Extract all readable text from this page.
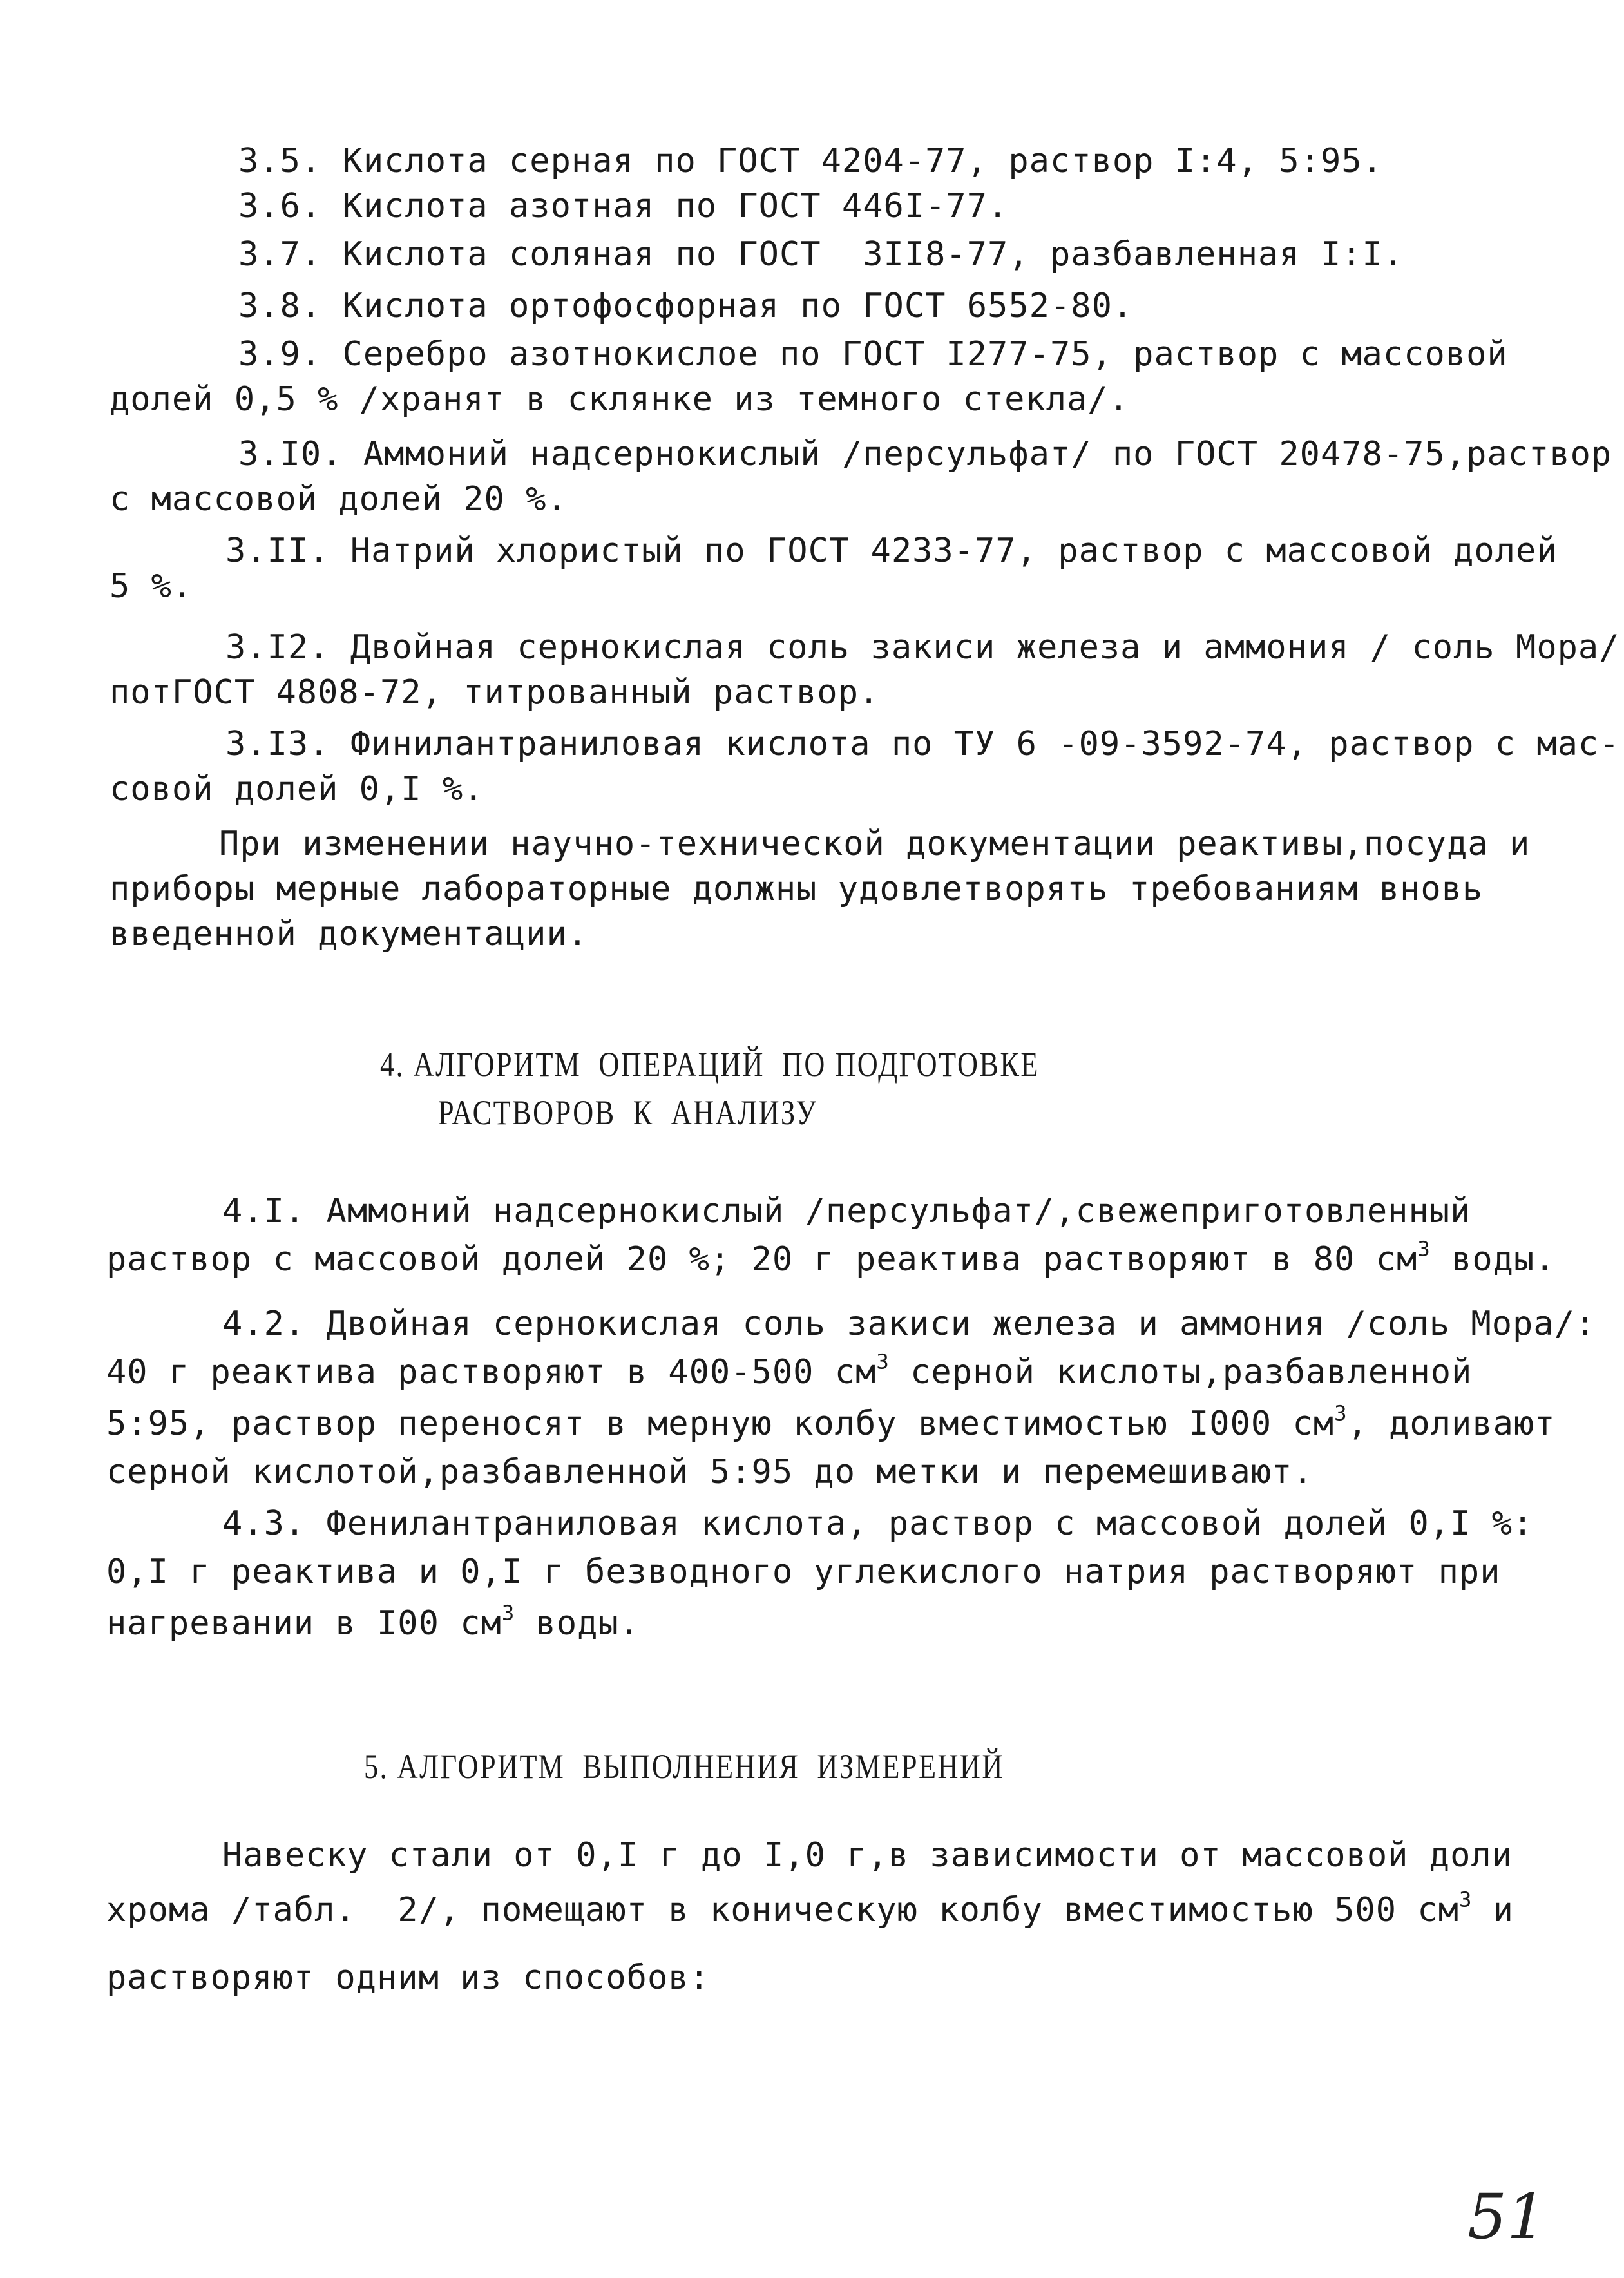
3.5. Кислота серная по ГОСТ 4204-77, раствор I:4, 5:95.
3.6. Кислота азотная по ГОСТ 446I-77.
3.7. Кислота соляная по ГОСТ  3II8-77, разбавленная I:I.
3.8. Кислота ортофосфорная по ГОСТ 6552-80.
3.9. Серебро азотнокислое по ГОСТ I277-75, раствор с массовой
долей 0,5 % /хранят в склянке из темного стекла/.
3.I0. Аммоний надсернокислый /персульфат/ по ГОСТ 20478-75,раствор
с массовой долей 20 %.
3.II. Натрий хлористый по ГОСТ 4233-77, раствор с массовой долей
5 %.
3.I2. Двойная сернокислая соль закиси железа и аммония / соль Мора/
потГОСТ 4808-72, титрованный раствор.
3.I3. Финилантраниловая кислота по ТУ 6 -09-3592-74, раствор с мас-
совой долей 0,I %.
При изменении научно-технической документации реактивы,посуда и
приборы мерные лабораторные должны удовлетворять требованиям вновь
введенной документации.
4. АЛГОРИТМ  ОПЕРАЦИЙ  ПО ПОДГОТОВКЕ
РАСТВОРОВ  К  АНАЛИЗУ
4.I. Аммоний надсернокислый /персульфат/,свежеприготовленный
раствор с массовой долей 20 %; 20 г реактива растворяют в 80 $см^3$ воды.
4.2. Двойная сернокислая соль закиси железа и аммония /соль Мора/:
40 г реактива растворяют в 400-500 $см^3$ серной кислоты,разбавленной
5:95, раствор переносят в мерную колбу вместимостью I000 $см^3$, доливают
серной кислотой,разбавленной 5:95 до метки и перемешивают.
4.3. Фенилантраниловая кислота, раствор с массовой долей 0,I %:
0,I г реактива и 0,I г безводного углекислого натрия растворяют при
нагревании в I00 $см^3$ воды.
5. АЛГОРИТМ  ВЫПОЛНЕНИЯ  ИЗМЕРЕНИЙ
Навеску стали от 0,I г до I,0 г,в зависимости от массовой доли
хрома /табл.  2/, помещают в коническую колбу вместимостью 500 $см^3$ и
растворяют одним из способов:
51
